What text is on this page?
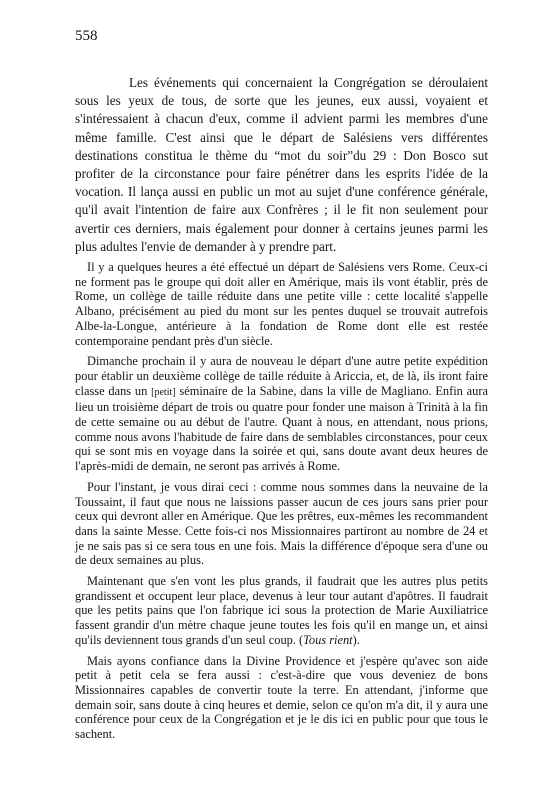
558

Les événements qui concernaient la Congrégation se déroulaient sous les yeux de tous, de sorte que les jeunes, eux aussi, voyaient et s'intéressaient à chacun d'eux, comme il advient parmi les membres d'une même famille. C'est ainsi que le départ de Salésiens vers différentes destinations constitua le thème du “mot du soir”du 29 : Don Bosco sut profiter de la circonstance pour faire pénétrer dans les esprits l'idée de la vocation. Il lança aussi en public un mot au sujet d'une conférence générale, qu'il avait l'intention de faire aux Confrères ; il le fit non seulement pour avertir ces derniers, mais également pour donner à certains jeunes parmi les plus adultes l'envie de demander à y prendre part.

Il y a quelques heures a été effectué un départ de Salésiens vers Rome. Ceux-ci ne forment pas le groupe qui doit aller en Amérique, mais ils vont établir, près de Rome, un collège de taille réduite dans une petite ville : cette localité s'appelle Albano, précisément au pied du mont sur les pentes duquel se trouvait autrefois Albe-la-Longue, antérieure à la fondation de Rome dont elle est restée contemporaine pendant près d'un siècle.

Dimanche prochain il y aura de nouveau le départ d'une autre petite expédition pour établir un deuxième collège de taille réduite à Ariccia, et, de là, ils iront faire classe dans un [petit] séminaire de la Sabine, dans la ville de Magliano. Enfin aura lieu un troisième départ de trois ou quatre pour fonder une maison à Trinità à la fin de cette semaine ou au début de l'autre. Quant à nous, en attendant, nous prions, comme nous avons l'habitude de faire dans de semblables circonstances, pour ceux qui se sont mis en voyage dans la soirée et qui, sans doute avant deux heures de l'après-midi de demain, ne seront pas arrivés à Rome.

Pour l'instant, je vous dirai ceci : comme nous sommes dans la neuvaine de la Toussaint, il faut que nous ne laissions passer aucun de ces jours sans prier pour ceux qui devront aller en Amérique. Que les prêtres, eux-mêmes les recommandent dans la sainte Messe. Cette fois-ci nos Missionnaires partiront au nombre de 24 et je ne sais pas si ce sera tous en une fois. Mais la différence d'époque sera d'une ou de deux semaines au plus.

Maintenant que s'en vont les plus grands, il faudrait que les autres plus petits grandissent et occupent leur place, devenus à leur tour autant d'apôtres. Il faudrait que les petits pains que l'on fabrique ici sous la protection de Marie Auxiliatrice fassent grandir d'un mètre chaque jeune toutes les fois qu'il en mange un, et ainsi qu'ils deviennent tous grands d'un seul coup. (Tous rient).

Mais ayons confiance dans la Divine Providence et j'espère qu'avec son aide petit à petit cela se fera aussi : c'est-à-dire que vous deveniez de bons Missionnaires capables de convertir toute la terre. En attendant, j'informe que demain soir, sans doute à cinq heures et demie, selon ce qu'on m'a dit, il y aura une conférence pour ceux de la Congrégation et je le dis ici en public pour que tous le sachent.
